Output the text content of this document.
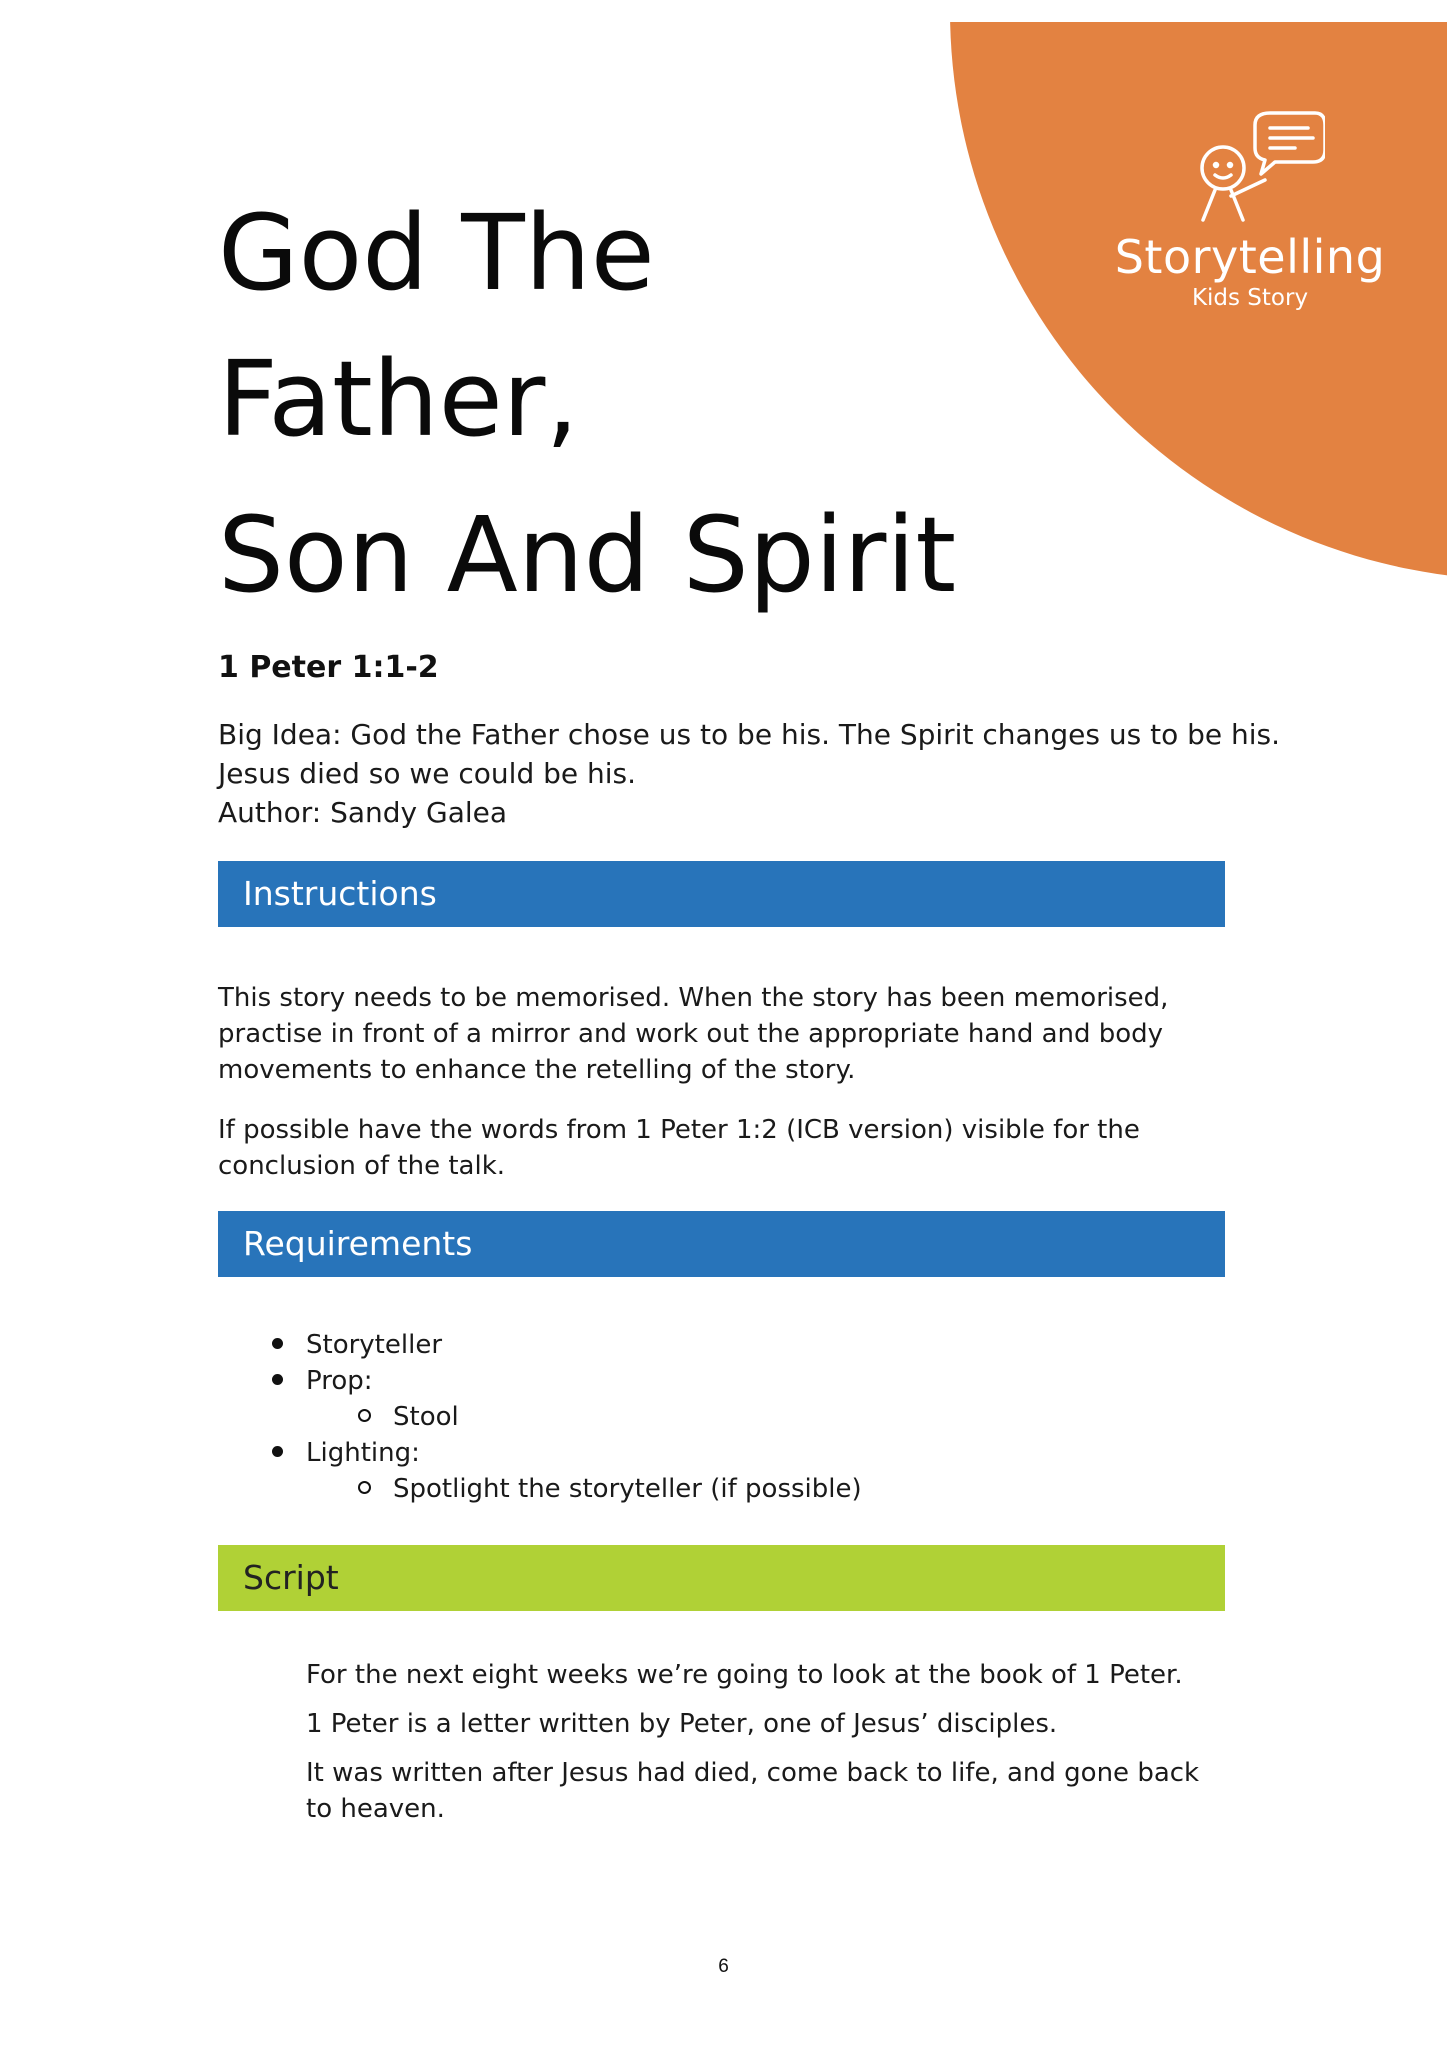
Storytelling
Kids Story
God The
Father,
Son And Spirit
1 Peter 1:1-2
Big Idea: God the Father chose us to be his. The Spirit changes us to be his.
Jesus died so we could be his.
Author: Sandy Galea
Instructions

This story needs to be memorised. When the story has been memorised, practise in front of a mirror and work out the appropriate hand and body movements to enhance the retelling of the story.

If possible have the words from 1 Peter 1:2 (ICB version) visible for the conclusion of the talk.

Requirements
Storyteller
Prop:
Stool
Lighting:
Spotlight the storyteller (if possible)
Script

For the next eight weeks we’re going to look at the book of 1 Peter.

1 Peter is a letter written by Peter, one of Jesus’ disciples.

It was written after Jesus had died, come back to life, and gone back to heaven.

6
